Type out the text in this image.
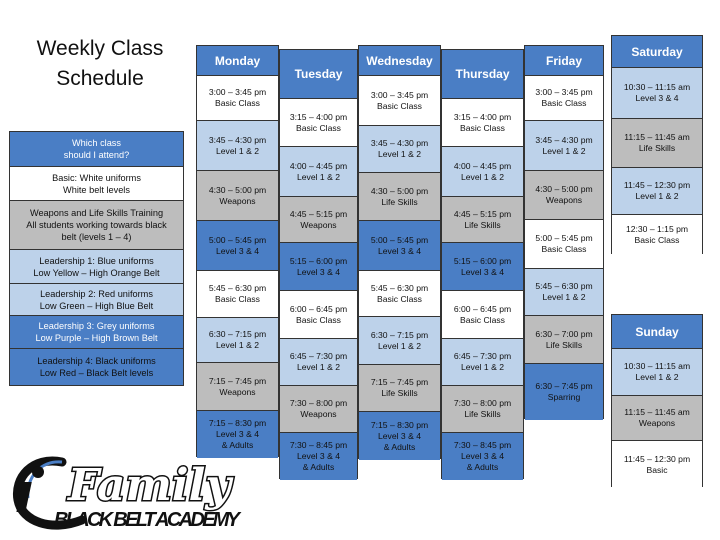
Weekly Class
Schedule
Which class
should I attend?
Basic: White uniforms
White belt levels
Weapons and Life Skills Training
All students working towards black
belt (levels 1 – 4)
Leadership 1: Blue uniforms
Low Yellow – High Orange Belt
Leadership 2: Red uniforms
Low Green – High Blue Belt
Leadership 3: Grey uniforms
Low Purple – High Brown Belt
Leadership 4: Black uniforms
Low Red – Black Belt levels
Monday
3:00 – 3:45 pm
Basic Class
3:45 – 4:30 pm
Level 1 & 2
4:30 – 5:00 pm
Weapons
5:00 – 5:45 pm
Level 3 & 4
5:45 – 6:30 pm
Basic Class
6:30 – 7:15 pm
Level 1 & 2
7:15 – 7:45 pm
Weapons
7:15 – 8:30 pm
Level 3 & 4
& Adults
Tuesday
3:15 – 4:00 pm
Basic Class
4:00 – 4:45 pm
Level 1 & 2
4:45 – 5:15 pm
Weapons
5:15 – 6:00 pm
Level 3 & 4
6:00 – 6:45 pm
Basic Class
6:45 – 7:30 pm
Level 1 & 2
7:30 – 8:00 pm
Weapons
7:30 – 8:45 pm
Level 3 & 4
& Adults
Wednesday
3:00 – 3:45 pm
Basic Class
3:45 – 4:30 pm
Level 1 & 2
4:30 – 5:00 pm
Life Skills
5:00 – 5:45 pm
Level 3 & 4
5:45 – 6:30 pm
Basic Class
6:30 – 7:15 pm
Level 1 & 2
7:15 – 7:45 pm
Life Skills
7:15 – 8:30 pm
Level 3 & 4
& Adults
Thursday
3:15 – 4:00 pm
Basic Class
4:00 – 4:45 pm
Level 1 & 2
4:45 – 5:15 pm
Life Skills
5:15 – 6:00 pm
Level 3 & 4
6:00 – 6:45 pm
Basic Class
6:45 – 7:30 pm
Level 1 & 2
7:30 – 8:00 pm
Life Skills
7:30 – 8:45 pm
Level 3 & 4
& Adults
Friday
3:00 – 3:45 pm
Basic Class
3:45 – 4:30 pm
Level 1 & 2
4:30 – 5:00 pm
Weapons
5:00 – 5:45 pm
Basic Class
5:45 – 6:30 pm
Level 1 & 2
6:30 – 7:00 pm
Life Skills
6:30 – 7:45 pm
Sparring
Saturday
10:30 – 11:15 am
Level 3 & 4
11:15 – 11:45 am
Life Skills
11:45 – 12:30 pm
Level 1 & 2
12:30 – 1:15 pm
Basic Class
Sunday
10:30 – 11:15 am
Level 1 & 2
11:15 – 11:45 am
Weapons
11:45 – 12:30 pm
Basic
Family
BLACK BELT ACADEMY
